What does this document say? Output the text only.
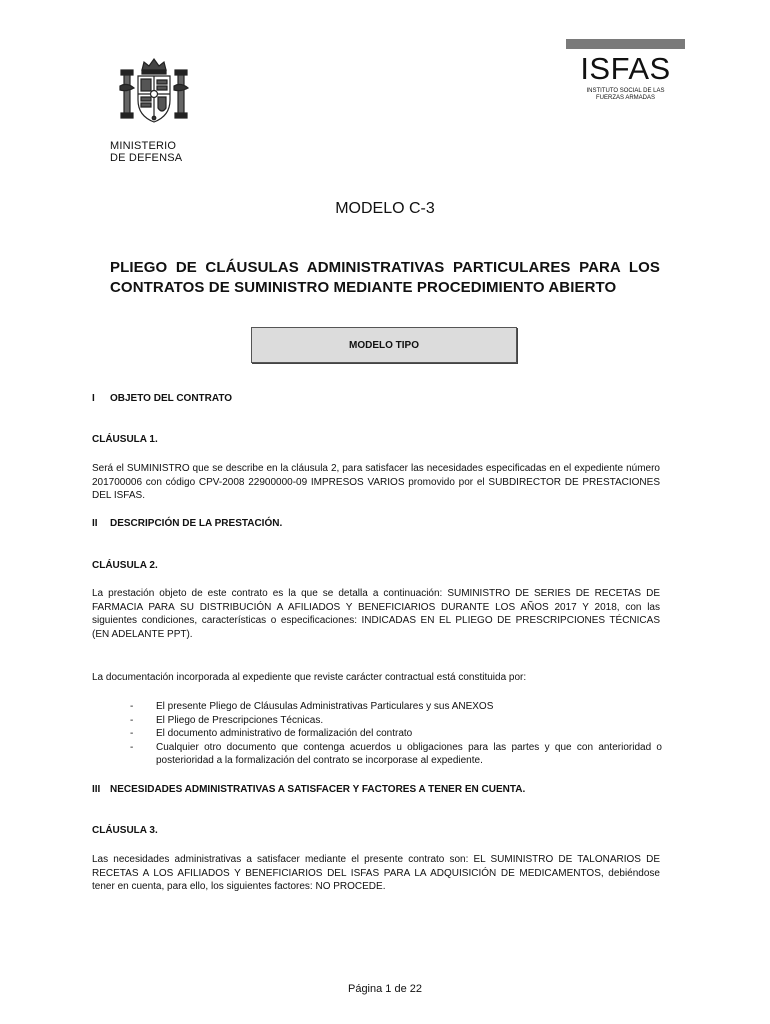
MINISTERIO
DE DEFENSA
ISFAS
INSTITUTO SOCIAL DE LAS
FUERZAS ARMADAS
MODELO C-3
PLIEGO DE CLÁUSULAS ADMINISTRATIVAS PARTICULARES PARA LOS CONTRATOS DE SUMINISTRO MEDIANTE PROCEDIMIENTO ABIERTO
MODELO TIPO
I OBJETO DEL CONTRATO
CLÁUSULA 1.
Será el SUMINISTRO que se describe en la cláusula 2, para satisfacer las necesidades especificadas en el expediente número 201700006 con código CPV-2008 22900000-09 IMPRESOS VARIOS promovido por el SUBDIRECTOR DE PRESTACIONES DEL ISFAS.
II DESCRIPCIÓN DE LA PRESTACIÓN.
CLÁUSULA 2.
La prestación objeto de este contrato es la que se detalla a continuación: SUMINISTRO DE SERIES DE RECETAS DE FARMACIA PARA SU DISTRIBUCIÓN A AFILIADOS Y BENEFICIARIOS DURANTE LOS AÑOS 2017 Y 2018, con las siguientes condiciones, características o especificaciones: INDICADAS EN EL PLIEGO DE PRESCRIPCIONES TÉCNICAS (EN ADELANTE PPT).
La documentación incorporada al expediente que reviste carácter contractual está constituida por:
- El presente Pliego de Cláusulas Administrativas Particulares y sus ANEXOS
- El Pliego de Prescripciones Técnicas.
- El documento administrativo de formalización del contrato
- Cualquier otro documento que contenga acuerdos u obligaciones para las partes y que con anterioridad o posterioridad a la formalización del contrato se incorporase al expediente.
III NECESIDADES ADMINISTRATIVAS A SATISFACER Y FACTORES A TENER EN CUENTA.
CLÁUSULA 3.
Las necesidades administrativas a satisfacer mediante el presente contrato son: EL SUMINISTRO DE TALONARIOS DE RECETAS A LOS AFILIADOS Y BENEFICIARIOS DEL ISFAS PARA LA ADQUISICIÓN DE MEDICAMENTOS, debiéndose tener en cuenta, para ello, los siguientes factores: NO PROCEDE.
Página 1 de 22
